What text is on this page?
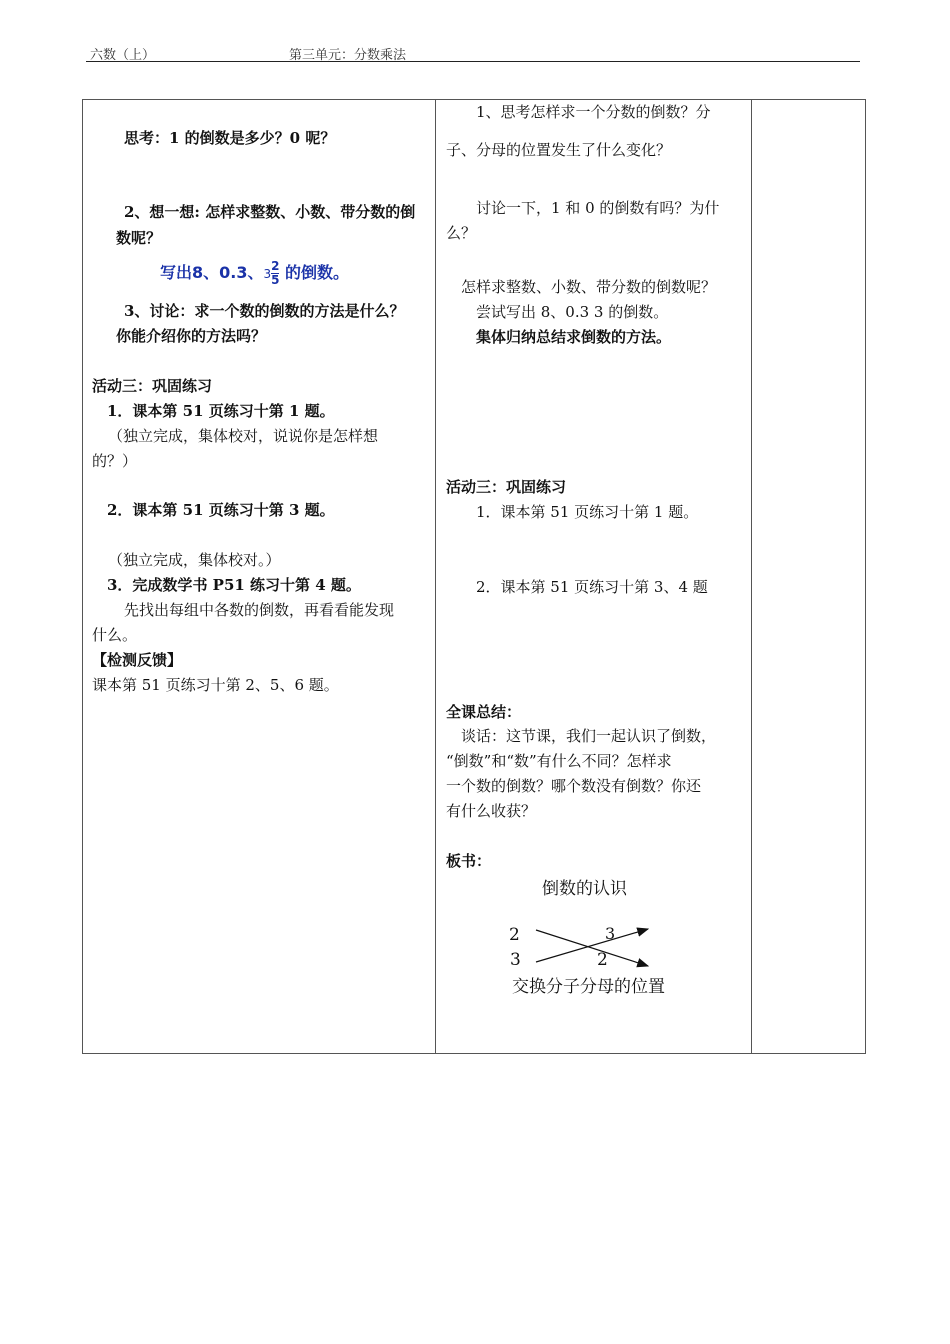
六数（上）	第三单元：分数乘法
思考：1 的倒数是多少？0 呢？
2、想一想: 怎样求整数、小数、带分数的倒
数呢？
写出8、0.3、$3 \frac{2}{5}$ 的倒数。
3、讨论：求一个数的倒数的方法是什么？
你能介绍你的方法吗？
活动三：巩固练习
1．课本第 51 页练习十第 1 题。
（独立完成，集体校对，说说你是怎样想
的？）
2．课本第 51 页练习十第 3 题。
（独立完成，集体校对。）
3．完成数学书 P51 练习十第 4 题。
先找出每组中各数的倒数，再看看能发现
什么。
【检测反馈】
课本第 51 页练习十第 2、5、6 题。
1、思考怎样求一个分数的倒数？分
子、分母的位置发生了什么变化？
讨论一下，1 和 0 的倒数有吗？为什
么？
怎样求整数、小数、带分数的倒数呢？
尝试写出 8、0.3 3 的倒数。
集体归纳总结求倒数的方法。
活动三：巩固练习
1．课本第 51 页练习十第 1 题。
2．课本第 51 页练习十第 3、4 题
全课总结：
谈话：这节课，我们一起认识了倒数，
“倒数”和“数”有什么不同？怎样求
一个数的倒数？哪个数没有倒数？你还
有什么收获？
板书：
倒数的认识
2
3
3
2
交换分子分母的位置
